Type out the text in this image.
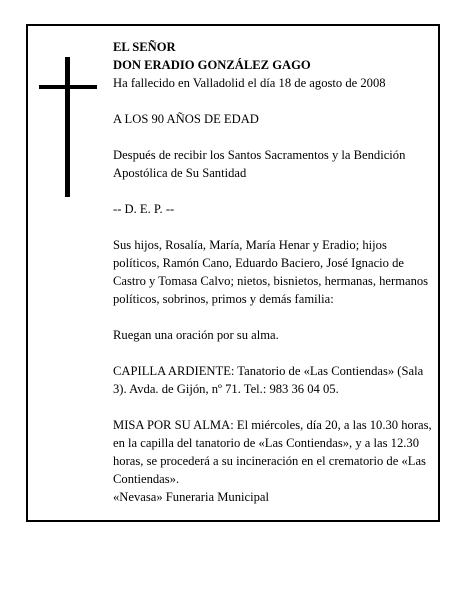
EL SEÑOR

DON ERADIO GONZÁLEZ GAGO

Ha fallecido en Valladolid el día 18 de agosto de 2008

A LOS 90 AÑOS DE EDAD

Después de recibir los Santos Sacramentos y la Bendición Apostólica de Su Santidad

-- D. E. P. --

Sus hijos, Rosalía, María, María Henar y Eradio; hijos políticos, Ramón Cano, Eduardo Baciero, José Ignacio de Castro y Tomasa Calvo; nietos, bisnietos, hermanas, hermanos políticos, sobrinos, primos y demás familia:

Ruegan una oración por su alma.

CAPILLA ARDIENTE: Tanatorio de «Las Contiendas» (Sala 3). Avda. de Gijón, nº 71. Tel.: 983 36 04 05.

MISA POR SU ALMA: El miércoles, día 20, a las 10.30 horas, en la capilla del tanatorio de «Las Contiendas», y a las 12.30 horas, se procederá a su incineración en el crematorio de «Las Contiendas».

«Nevasa» Funeraria Municipal
